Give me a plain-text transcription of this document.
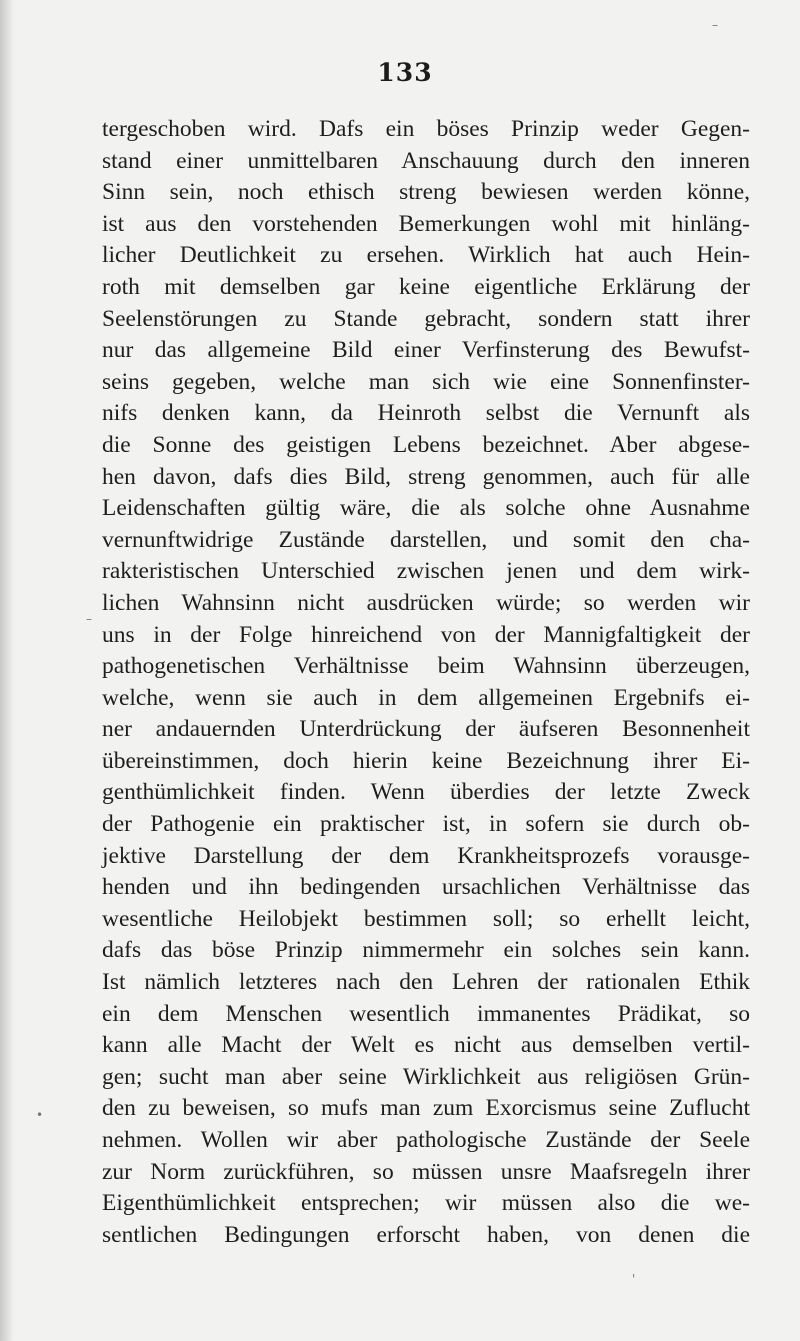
133
tergeschoben wird. Dafs ein böses Prinzip weder Gegen-
stand einer unmittelbaren Anschauung durch den inneren
Sinn sein, noch ethisch streng bewiesen werden könne,
ist aus den vorstehenden Bemerkungen wohl mit hinläng-
licher Deutlichkeit zu ersehen. Wirklich hat auch Hein-
roth mit demselben gar keine eigentliche Erklärung der
Seelenstörungen zu Stande gebracht, sondern statt ihrer
nur das allgemeine Bild einer Verfinsterung des Bewufst-
seins gegeben, welche man sich wie eine Sonnenfinster-
nifs denken kann, da Heinroth selbst die Vernunft als
die Sonne des geistigen Lebens bezeichnet. Aber abgese-
hen davon, dafs dies Bild, streng genommen, auch für alle
Leidenschaften gültig wäre, die als solche ohne Ausnahme
vernunftwidrige Zustände darstellen, und somit den cha-
rakteristischen Unterschied zwischen jenen und dem wirk-
lichen Wahnsinn nicht ausdrücken würde; so werden wir
uns in der Folge hinreichend von der Mannigfaltigkeit der
pathogenetischen Verhältnisse beim Wahnsinn überzeugen,
welche, wenn sie auch in dem allgemeinen Ergebnifs ei-
ner andauernden Unterdrückung der äufseren Besonnenheit
übereinstimmen, doch hierin keine Bezeichnung ihrer Ei-
genthümlichkeit finden. Wenn überdies der letzte Zweck
der Pathogenie ein praktischer ist, in sofern sie durch ob-
jektive Darstellung der dem Krankheitsprozefs vorausge-
henden und ihn bedingenden ursachlichen Verhältnisse das
wesentliche Heilobjekt bestimmen soll; so erhellt leicht,
dafs das böse Prinzip nimmermehr ein solches sein kann.
Ist nämlich letzteres nach den Lehren der rationalen Ethik
ein dem Menschen wesentlich immanentes Prädikat, so
kann alle Macht der Welt es nicht aus demselben vertil-
gen; sucht man aber seine Wirklichkeit aus religiösen Grün-
den zu beweisen, so mufs man zum Exorcismus seine Zuflucht
nehmen. Wollen wir aber pathologische Zustände der Seele
zur Norm zurückführen, so müssen unsre Maafsregeln ihrer
Eigenthümlichkeit entsprechen; wir müssen also die we-
sentlichen Bedingungen erforscht haben, von denen die
–
–
•
'
